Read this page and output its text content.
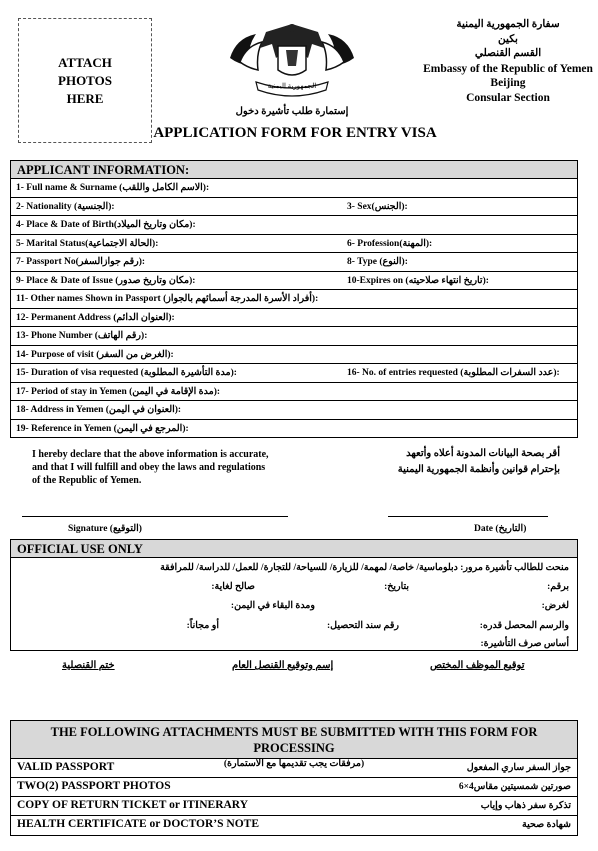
ATTACH
PHOTOS
HERE
الجمهورية اليمنية
إستمارة طلب تأشيرة دخول
APPLICATION FORM FOR ENTRY VISA
سفارة الجمهورية اليمنية
بكين
القسم القنصلي
Embassy of the Republic of Yemen
Beijing
Consular Section
APPLICANT INFORMATION:
1- Full name & Surname (الاسم الكامل واللقب):
2- Nationality (الجنسية):	3- Sex(الجنس):
4- Place & Date of Birth(مكان وتاريخ الميلاد):
5- Marital Status(الحالة الاجتماعية):	6- Profession(المهنة):
7- Passport No(رقم جوازالسفر):	8- Type (النوع):
9- Place & Date of Issue (مكان وتاريخ صدور):	10-Expires on (تاريخ انتهاء صلاحيته):
11- Other names Shown in Passport (أفراد الأسرة المدرجة أسمائهم بالجواز):
12- Permanent Address (العنوان الدائم):
13- Phone Number (رقم الهاتف):
14- Purpose of visit (الغرض من السفر):
15- Duration of visa requested (مدة التأشيرة المطلوبة):	16- No. of entries requested (عدد السفرات المطلوبة):
17- Period of stay in Yemen (مدة الإقامة في اليمن):
18- Address in Yemen (العنوان في اليمن):
19- Reference in Yemen (المرجع في اليمن):
I hereby declare that the above information is accurate,
and that I will fulfill and obey the laws and regulations
of the Republic of Yemen.
أقر بصحة البيانات المدونة أعلاه وأتعهد
بإحترام قوانين وأنظمة الجمهورية اليمنية
Signature (التوقيع)	Date (التاريخ)
OFFICIAL USE ONLY
منحت للطالب تأشيرة مرور: دبلوماسية/ خاصة/ لمهمة/ للزيارة/ للسياحة/ للتجارة/ للعمل/ للدراسة/ للمرافقة
برقم:
بتاريخ:
صالح لغاية:
لغرض:
ومدة البقاء في اليمن:
والرسم المحصل قدره:
رقم سند التحصيل:
أو مجاناً:
أساس صرف التأشيرة:
توقيع الموظف المختص
إسم وتوقيع القنصل العام
ختم القنصلية
THE FOLLOWING ATTACHMENTS MUST BE SUBMITTED WITH THIS FORM FOR PROCESSING
(مرفقات يجب تقديمها مع الاستمارة)
VALID PASSPORT	جواز السفر ساري المفعول
TWO(2) PASSPORT PHOTOS	صورتين شمسيتين مقاس4×6
COPY OF RETURN TICKET or ITINERARY	تذكرة سفر ذهاب وإياب
HEALTH CERTIFICATE or DOCTOR’S NOTE	شهادة صحية
